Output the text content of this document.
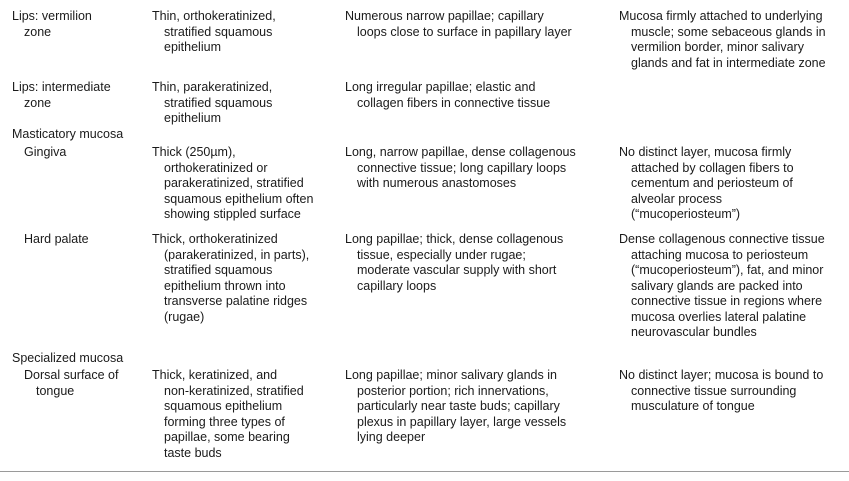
Lips: vermilion
zone
Thin, orthokeratinized,
stratified squamous
epithelium
Numerous narrow papillae; capillary
loops close to surface in papillary layer
Mucosa firmly attached to underlying
muscle; some sebaceous glands in
vermilion border, minor salivary
glands and fat in intermediate zone
Lips: intermediate
zone
Thin, parakeratinized,
stratified squamous
epithelium
Long irregular papillae; elastic and
collagen fibers in connective tissue
Masticatory mucosa
Gingiva	Thick (250µm),
orthokeratinized or
parakeratinized, stratified
squamous epithelium often
showing stippled surface
Long, narrow papillae, dense collagenous
connective tissue; long capillary loops
with numerous anastomoses
No distinct layer, mucosa firmly
attached by collagen fibers to
cementum and periosteum of
alveolar process
(“mucoperiosteum”)
Hard palate	Thick, orthokeratinized
(parakeratinized, in parts),
stratified squamous
epithelium thrown into
transverse palatine ridges
(rugae)
Long papillae; thick, dense collagenous
tissue, especially under rugae;
moderate vascular supply with short
capillary loops
Dense collagenous connective tissue
attaching mucosa to periosteum
(“mucoperiosteum”), fat, and minor
salivary glands are packed into
connective tissue in regions where
mucosa overlies lateral palatine
neurovascular bundles
Specialized mucosa
Dorsal surface of
tongue
Thick, keratinized, and
non-keratinized, stratified
squamous epithelium
forming three types of
papillae, some bearing
taste buds
Long papillae; minor salivary glands in
posterior portion; rich innervations,
particularly near taste buds; capillary
plexus in papillary layer, large vessels
lying deeper
No distinct layer; mucosa is bound to
connective tissue surrounding
musculature of tongue
